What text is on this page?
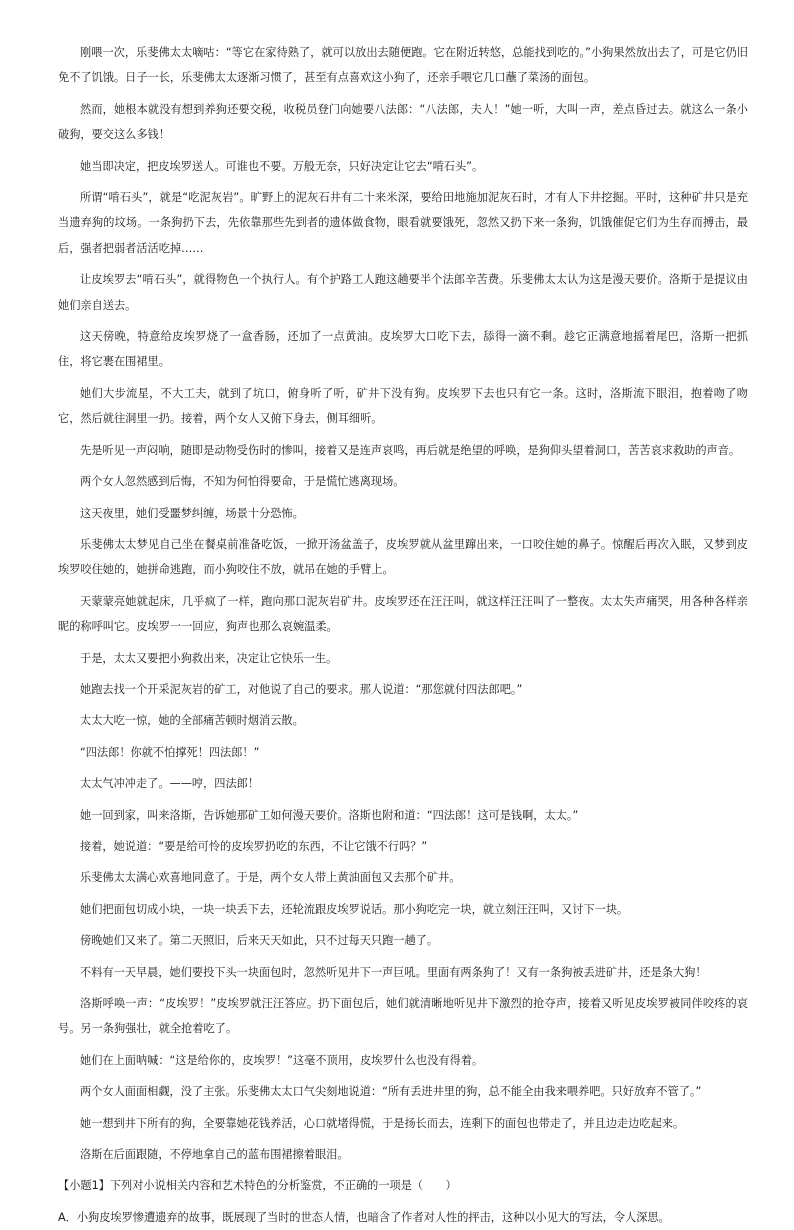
刚喂一次，乐斐佛太太嘀咕：“等它在家待熟了，就可以放出去随便跑。它在附近转悠，总能找到吃的。”小狗果然放出去了，可是它仍旧免不了饥饿。日子一长，乐斐佛太太逐渐习惯了，甚至有点喜欢这小狗了，还亲手喂它几口蘸了菜汤的面包。

然而，她根本就没有想到养狗还要交税，收税员登门向她要八法郎：“八法郎，夫人！”她一听，大叫一声，差点昏过去。就这么一条小破狗，要交这么多钱！

她当即决定，把皮埃罗送人。可谁也不要。万般无奈，只好决定让它去“啃石头”。

所谓“啃石头”，就是“吃泥灰岩”。旷野上的泥灰石井有二十来米深，要给田地施加泥灰石时，才有人下井挖掘。平时，这种矿井只是充当遗弃狗的坟场。一条狗扔下去，先依靠那些先到者的遗体做食物，眼看就要饿死，忽然又扔下来一条狗，饥饿催促它们为生存而搏击，最后，强者把弱者活活吃掉……

让皮埃罗去“啃石头”，就得物色一个执行人。有个护路工人跑这趟要半个法郎辛苦费。乐斐佛太太认为这是漫天要价。洛斯于是提议由她们亲自送去。

这天傍晚，特意给皮埃罗烧了一盒香肠，还加了一点黄油。皮埃罗大口吃下去，舔得一滴不剩。趁它正满意地摇着尾巴，洛斯一把抓住，将它裹在围裙里。

她们大步流星，不大工夫，就到了坑口，俯身听了听，矿井下没有狗。皮埃罗下去也只有它一条。这时，洛斯流下眼泪，抱着吻了吻它，然后就往洞里一扔。接着，两个女人又俯下身去，侧耳细听。

先是听见一声闷响，随即是动物受伤时的惨叫，接着又是连声哀鸣，再后就是绝望的呼唤，是狗仰头望着洞口，苦苦哀求救助的声音。

两个女人忽然感到后悔，不知为何怕得要命，于是慌忙逃离现场。

这天夜里，她们受噩梦纠缠，场景十分恐怖。

乐斐佛太太梦见自己坐在餐桌前准备吃饭，一掀开汤盆盖子，皮埃罗就从盆里蹿出来，一口咬住她的鼻子。惊醒后再次入眠，又梦到皮埃罗咬住她的，她拼命逃跑，而小狗咬住不放，就吊在她的手臂上。

天蒙蒙亮她就起床，几乎疯了一样，跑向那口泥灰岩矿井。皮埃罗还在汪汪叫，就这样汪汪叫了一整夜。太太失声痛哭，用各种各样亲昵的称呼叫它。皮埃罗一一回应，狗声也那么哀婉温柔。

于是，太太又要把小狗救出来，决定让它快乐一生。

她跑去找一个开采泥灰岩的矿工，对他说了自己的要求。那人说道：“那您就付四法郎吧。”

太太大吃一惊，她的全部痛苦顿时烟消云散。

“四法郎！你就不怕撑死！四法郎！”

太太气冲冲走了。——哼，四法郎！

她一回到家，叫来洛斯，告诉她那矿工如何漫天要价。洛斯也附和道：“四法郎！这可是钱啊，太太。”

接着，她说道：“要是给可怜的皮埃罗扔吃的东西，不让它饿不行吗？”

乐斐佛太太满心欢喜地同意了。于是，两个女人带上黄油面包又去那个矿井。

她们把面包切成小块，一块一块丢下去，还轮流跟皮埃罗说话。那小狗吃完一块，就立刻汪汪叫，又讨下一块。

傍晚她们又来了。第二天照旧，后来天天如此，只不过每天只跑一趟了。

不料有一天早晨，她们要投下头一块面包时，忽然听见井下一声巨吼。里面有两条狗了！又有一条狗被丢进矿井，还是条大狗！

洛斯呼唤一声：“皮埃罗！”皮埃罗就汪汪答应。扔下面包后，她们就清晰地听见井下激烈的抢夺声，接着又听见皮埃罗被同伴咬疼的哀号。另一条狗强壮，就全抢着吃了。

她们在上面呐喊：“这是给你的，皮埃罗！”这毫不顶用，皮埃罗什么也没有得着。

两个女人面面相觑，没了主张。乐斐佛太太口气尖刻地说道：“所有丢进井里的狗，总不能全由我来喂养吧。只好放弃不管了。”

她一想到井下所有的狗，全要靠她花钱养活，心口就堵得慌，于是扬长而去，连剩下的面包也带走了，并且边走边吃起来。

洛斯在后面跟随，不停地拿自己的蓝布围裙擦着眼泪。

【小题1】下列对小说相关内容和艺术特色的分析鉴赏，不正确的一项是（　　）

A．小狗皮埃罗惨遭遗弃的故事，既展现了当时的世态人情，也暗含了作者对人性的抨击，这种以小见大的写法，令人深思。
